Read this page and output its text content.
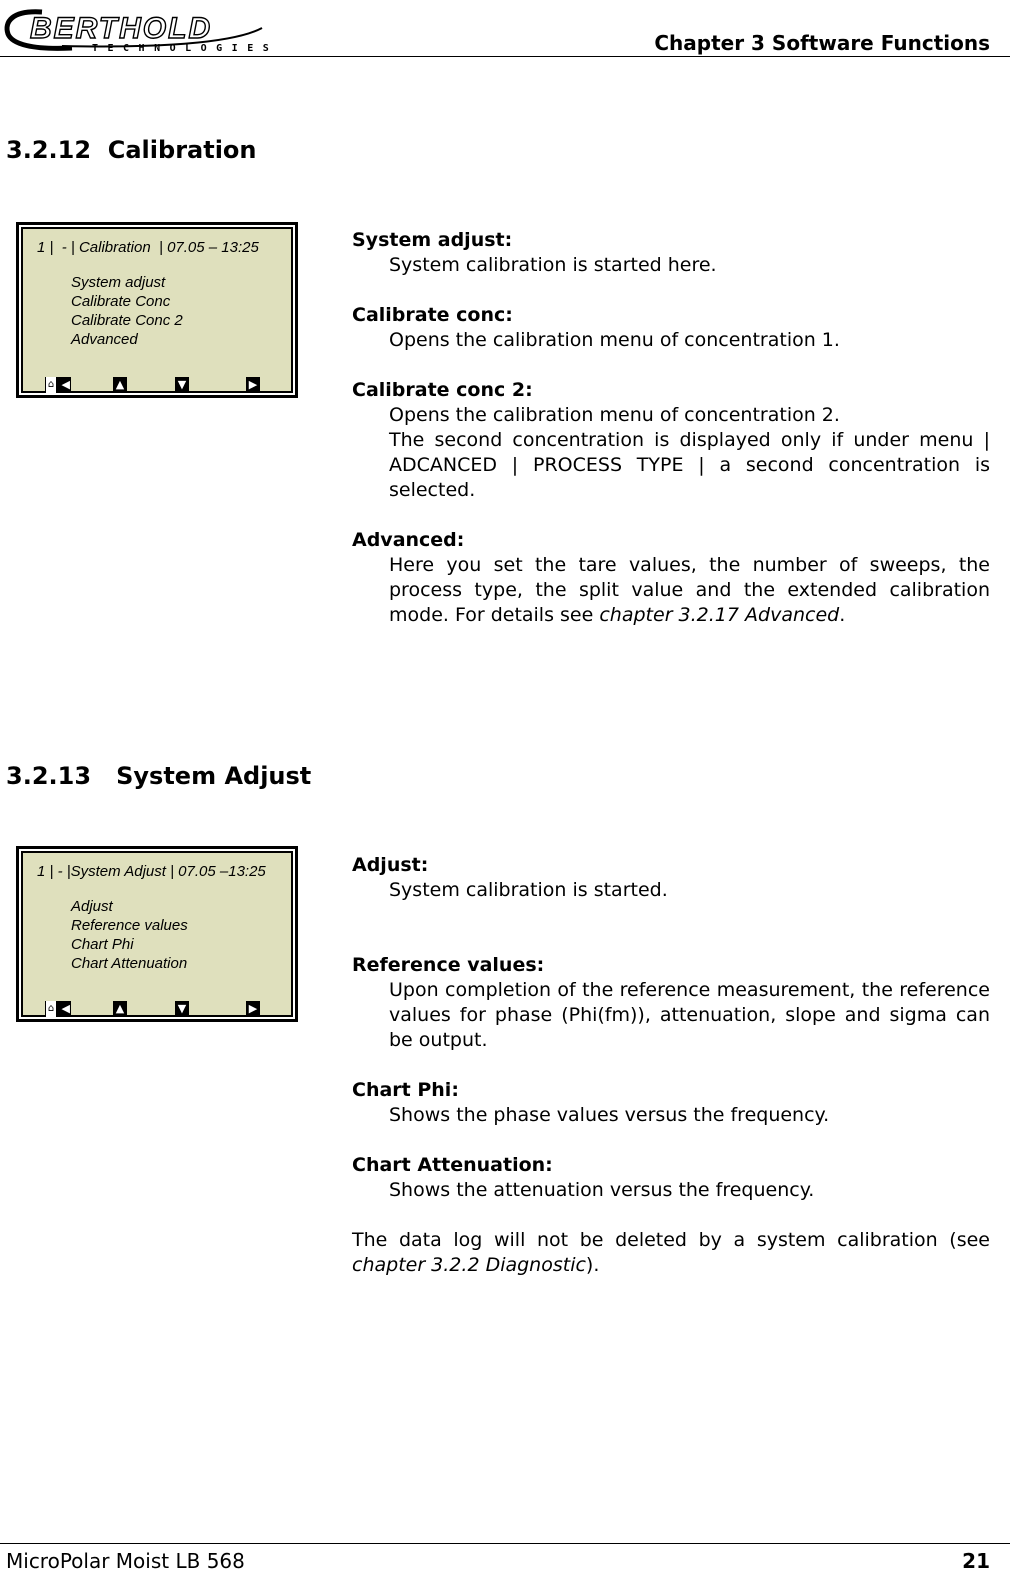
BERTHOLD
TECHNOLOGIES	Chapter 3 Software Functions
3.2.12 Calibration
1 |  - | Calibration  | 07.05 – 13:25
System adjust
Calibrate Conc
Calibrate Conc 2
Advanced
⌂ ◀	▲	▼	▶
System adjust:
System calibration is started here.
Calibrate conc:
Opens the calibration menu of concentration 1.
Calibrate conc 2:
Opens the calibration menu of concentration 2.
The second concentration is displayed only if under menu | ADCANCED | PROCESS TYPE | a second concentration is selected.
Advanced:
Here you set the tare values, the number of sweeps, the process type, the split value and the extended calibration mode. For details see chapter 3.2.17 Advanced.
3.2.13 System Adjust
1 | - |System Adjust | 07.05 –13:25
Adjust
Reference values
Chart Phi
Chart Attenuation
⌂ ◀	▲	▼	▶
Adjust:
System calibration is started.
Reference values:
Upon completion of the reference measurement, the reference values for phase (Phi(fm)), attenuation, slope and sigma can be output.
Chart Phi:
Shows the phase values versus the frequency.
Chart Attenuation:
Shows the attenuation versus the frequency.
The data log will not be deleted by a system calibration (see chapter 3.2.2 Diagnostic).
MicroPolar Moist LB 568	21
